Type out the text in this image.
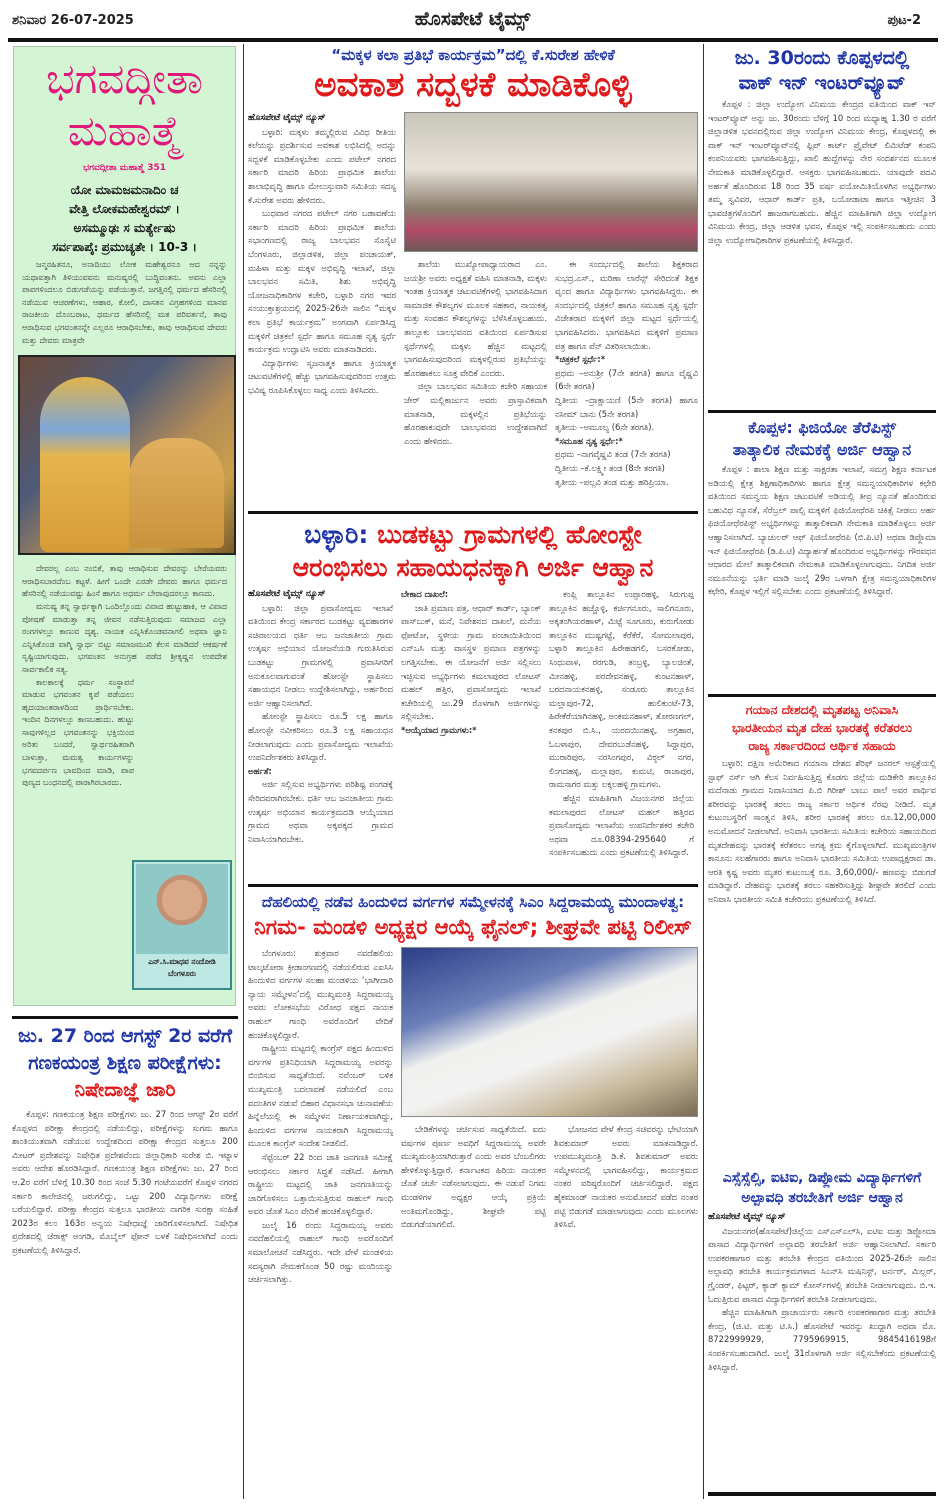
ಶನಿವಾರ 26-07-2025	ಹೊಸಪೇಟೆ ಟೈಮ್ಸ್	ಪುಟ-2
ಭಗವದ್ಗೀತಾ
ಮಹಾತ್ಮೆ
ಭಗವದ್ಗೀತಾ ಮಹಾತ್ಮೆ 351
ಯೋ ಮಾಮಜಮನಾದಿಂ ಚ
ವೇತ್ತಿ ಲೋಕಮಹೇಶ್ವರಮ್ ।
ಅಸಮ್ಮೂಢಃ ಸ ಮರ್ತ್ಯೇಷು
ಸರ್ವಪಾಪೈಃ ಪ್ರಮುಚ್ಯತೇ । 10-3 ।

ಜನ್ಮರಹಿತನೂ, ಅನಾದಿಯು ಲೋಕ ಮಹೇಶ್ವರನೂ ಆದ ನನ್ನನ್ನು ಯಥಾವತ್ತಾಗಿ ತಿಳಿಯುವವನು ಮನುಷ್ಯರಲ್ಲಿ ಬುದ್ಧಿವಂತನು. ಅವನು ಎಲ್ಲಾ ಪಾಪಗಳಿಂದಲೂ ಬಿಡುಗಡೆಯನ್ನು ಪಡೆಯುತ್ತಾನೆ. ಜಗತ್ತಿನಲ್ಲಿ ಧರ್ಮದ ಹೆಸರಿನಲ್ಲಿ ನಡೆಯುವ ಆಚರಣೆಗಳು, ಆಹಾರ, ಕೋಲಿ, ದಾಸತನ ವಿಗ್ರಹಗಳಿಂದ ಮಾನವ ರಾಜಕೀಯ ದೊಂಬರಾಟ, ಧರ್ಮದ ಹೆಸರಿನಲ್ಲಿ ಮತ ಪರಿವರ್ತನೆ, ತಾವು ಆರಾಧಿಸುವ ಭಗವಂತನನ್ನೇ ಎಲ್ಲರೂ ಆರಾಧಿಸಬೇಕು, ತಾವು ಆರಾಧಿಸುವ ದೇವರು ಮತ್ತು ದೇವರು ಮಾತ್ರವೇ

ದೇವರಲ್ಲ ಎಂಬ ನಂಬಿಕೆ, ತಾವು ಆರಾಧಿಸುವ ದೇವರನ್ನು ಬೇರೆಯವರು ಆರಾಧಿಸಬಾರದೆಂಬ ಕಟ್ಟಳೆ. ಹೀಗೆ ಒಂದೇ ಎರಡೇ ದೇವರು ಹಾಗೂ ಧರ್ಮದ ಹೆಸರಿನಲ್ಲಿ ನಡೆಯುವಷ್ಟು ಹಿಂಸೆ ಹಾಗೂ ಅಧರ್ಮ ಬೇರಾವುದರಲ್ಲೂ ಕಾಣದು.

ಮನುಷ್ಯ ತನ್ನ ಸ್ವಾರ್ಥಕ್ಕಾಗಿ ಒಂದಿಲ್ಲೊಂದು ವಿವಾದ ಹುಟ್ಟುಹಾಕಿ, ಆ ವಿವಾದ ಪೋಷಣೆ ಮಾಡುತ್ತಾ ತನ್ನ ಜೀವನ ನಡೆಸುತ್ತಿರುವುದು ಸಮಾಜದ ಎಲ್ಲಾ ರಂಗಗಳಲ್ಲೂ ಕಾಣುವ ದೃಶ್ಯ. ನಾಯಕ ಎನ್ನಿಸಿಕೊಂಡವನಾಗಲಿ ಅಥವಾ ಜ್ಞಾನಿ ಎನ್ನಿಸಿಕೊಂಡ ವಾಗ್ಮಿ ಸ್ವಾರ್ಥ ಬಿಟ್ಟು ಸಮಾಜಮುಖಿ ಕೆಲಸ ಮಾಡಿದರೆ ಆಕರ್ಷಣೆ ಸೃಷ್ಟಿಯಾಗುವುದು. ಭಗವಂತನ ಅನುಗ್ರಹ ಪಡೆದ ಶ್ರೀಕೃಷ್ಣನ ಉಪದೇಶ ಸಾರ್ವಕಾಲಿಕ ಸತ್ಯ.

ಕಾಲಕಾಲಕ್ಕೆ ಧರ್ಮ ಸಂಸ್ಥಾಪನೆ ಮಾಡುವ ಭಗವಂತನ ಕೃಪೆ ಪಡೆಯಲು ಹೃದಯಾಂತರಾಳದಿಂದ ಪ್ರಾರ್ಥಿಸಬೇಕು. ಇಂದಿನ ದಿನಗಳಲ್ಲೂ ಕಾಣಬಹುದು. ಹುಟ್ಟು ಸಾವುಗಳಿಲ್ಲದ ಭಗವಂತನನ್ನು ಭಕ್ತಿಯಿಂದ ಅರಿತು ಬಂದರೆ, ಸ್ವಾರ್ಥರಹಿತರಾಗಿ ಬಾಳುತ್ತಾ, ಮಮತ್ವ ಕಾರ್ಯಗಳನ್ನು ಭಗವದರ್ಪಣ ಭಾವದಿಂದ ಮಾಡಿ, ಪಾಪ ಪುಣ್ಯದ ಬಂಧನದಲ್ಲಿ ಪಾರಾಗಿರಬಾರದು.

ಎನ್.ಸಿ.ಮಾಧವ ನಂದೋಡಿ
ಬೆಂಗಳೂರು
ಜು. 27 ರಿಂದ ಆಗಸ್ಟ್ 2ರ ವರೆಗೆ ಗಣಕಯಂತ್ರ ಶಿಕ್ಷಣ ಪರೀಕ್ಷೆಗಳು: ನಿಷೇದಾಜ್ಞೆ ಜಾರಿ

ಕೊಪ್ಪಳ: ಗಣಕಯಂತ್ರ ಶಿಕ್ಷಣ ಪರೀಕ್ಷೆಗಳು ಜು. 27 ರಿಂದ ಆಗಸ್ಟ್ 2ರ ವರೆಗೆ ಕೊಪ್ಪಳದ ಪರೀಕ್ಷಾ ಕೇಂದ್ರದಲ್ಲಿ ನಡೆಯಲಿದ್ದು, ಪರೀಕ್ಷೆಗಳನ್ನು ಸುಗಮ ಹಾಗೂ ಶಾಂತಿಯುತವಾಗಿ ನಡೆಯುವ ಉದ್ದೇಶದಿಂದ ಪರೀಕ್ಷಾ ಕೇಂದ್ರದ ಸುತ್ತಲೂ 200 ಮೀಟರ್ ಪ್ರದೇಶವನ್ನು ನಿಷೇಧಿತ ಪ್ರದೇಶವೆಂದು ಜಿಲ್ಲಾಧಿಕಾರಿ ಸುರೇಶ ಬಿ. ಇಟ್ನಾಳ ಅವರು ಆದೇಶ ಹೊರಡಿಸಿದ್ದಾರೆ. ಗಣಕಯಂತ್ರ ಶಿಕ್ಷಣ ಪರೀಕ್ಷೆಗಳು ಜು. 27 ರಿಂದ ಆ.2ರ ವರೆಗೆ ಬೆಳಿಗ್ಗೆ 10.30 ರಿಂದ ಸಂಜೆ 5.30 ಗಂಟೆಯವರೆಗೆ ಕೊಪ್ಪಳ ನಗರದ ಸರ್ಕಾರಿ ಕಾಲೇಜಿನಲ್ಲಿ ಜರುಗಲಿದ್ದು, ಒಟ್ಟು 200 ವಿದ್ಯಾರ್ಥಿಗಳು ಪರೀಕ್ಷೆ ಬರೆಯಲಿದ್ದಾರೆ. ಪರೀಕ್ಷಾ ಕೇಂದ್ರದ ಸುತ್ತಲೂ ಭಾರತೀಯ ನಾಗರಿಕ ಸುರಕ್ಷಾ ಸಂಹಿತೆ 2023ರ ಕಲಂ 163ರ ಅನ್ವಯ ನಿಷೇಧಾಜ್ಞೆ ಜಾರಿಗೊಳಿಸಲಾಗಿದೆ. ನಿಷೇಧಿತ ಪ್ರದೇಶದಲ್ಲಿ ಜೆರಾಕ್ಸ್ ಅಂಗಡಿ, ಮೊಬೈಲ್ ಫೋನ್ ಬಳಕೆ ನಿಷೇಧಿಸಲಾಗಿದೆ ಎಂದು ಪ್ರಕಟಣೆಯಲ್ಲಿ ತಿಳಿಸಿದ್ದಾರೆ.

“ಮಕ್ಕಳ ಕಲಾ ಪ್ರತಿಭೆ ಕಾರ್ಯಕ್ರಮ”ದಲ್ಲಿ ಕೆ.ಸುರೇಶ ಹೇಳಿಕೆ
ಅವಕಾಶ ಸದ್ಬಳಕೆ ಮಾಡಿಕೊಳ್ಳಿ
ಹೊಸಪೇಟೆ ಟೈಮ್ಸ್ ನ್ಯೂಸ್

ಬಳ್ಳಾರಿ: ಮಕ್ಕಳು ತಮ್ಮಲ್ಲಿರುವ ವಿವಿಧ ರೀತಿಯ ಕಲೆಯನ್ನು ಪ್ರದರ್ಶಿಸುವ ಅವಕಾಶ ಲಭಿಸಿದಲ್ಲಿ ಅದನ್ನು ಸದ್ಬಳಕೆ ಮಾಡಿಕೊಳ್ಳಬೇಕು ಎಂದು ಪಟೇಲ್ ನಗರದ ಸರ್ಕಾರಿ ಮಾದರಿ ಹಿರಿಯ ಪ್ರಾಥಮಿಕ ಶಾಲೆಯ ಶಾಲಾಭಿವೃದ್ಧಿ ಹಾಗೂ ಮೇಲುಸ್ತುವಾರಿ ಸಮಿತಿಯ ಸದಸ್ಯ ಕೆ.ಸುರೇಶ ಅವರು ಹೇಳಿದರು.

ಬುಧವಾರ ನಗರದ ಪಟೇಲ್ ನಗರ ಬಡಾವಣೆಯ ಸರ್ಕಾರಿ ಮಾದರಿ ಹಿರಿಯ ಪ್ರಾಥಮಿಕ ಶಾಲೆಯ ಸಭಾಂಗಣದಲ್ಲಿ ರಾಜ್ಯ ಬಾಲಭವನ ಸೊಸೈಟಿ ಬೆಂಗಳೂರು, ಜಿಲ್ಲಾಡಳಿತ, ಜಿಲ್ಲಾ ಪಂಚಾಯತ್, ಮಹಿಳಾ ಮತ್ತು ಮಕ್ಕಳ ಅಭಿವೃದ್ಧಿ ಇಲಾಖೆ, ಜಿಲ್ಲಾ ಬಾಲಭವನ ಸಮಿತಿ, ಶಿಶು ಅಭಿವೃದ್ಧಿ ಯೋಜನಾಧಿಕಾರಿಗಳ ಕಚೇರಿ, ಬಳ್ಳಾರಿ ನಗರ ಇವರ ಸಂಯುಕ್ತಾಶ್ರಯದಲ್ಲಿ 2025-26ನೇ ಸಾಲಿನ “ಮಕ್ಕಳ ಕಲಾ ಪ್ರತಿಭೆ ಕಾರ್ಯಕ್ರಮ” ಅಂಗವಾಗಿ ಏರ್ಪಡಿಸಿದ್ದ ಮಕ್ಕಳಿಗೆ ಚಿತ್ರಕಲೆ ಸ್ಪರ್ಧೆ ಹಾಗೂ ಸಮೂಹ ನೃತ್ಯ ಸ್ಪರ್ಧೆ ಕಾರ್ಯಕ್ರಮ ಉದ್ಘಾಟಿಸಿ ಅವರು ಮಾತನಾಡಿದರು.

ವಿದ್ಯಾರ್ಥಿಗಳು ಸೃಜನಾತ್ಮಕ ಹಾಗೂ ಕ್ರಿಯಾತ್ಮಕ ಚಟುವಟಿಕೆಗಳಲ್ಲಿ ಹೆಚ್ಚು ಭಾಗವಹಿಸುವುದರಿಂದ ಉತ್ತಮ ಭವಿಷ್ಯ ರೂಪಿಸಿಕೊಳ್ಳಲು ಸಾಧ್ಯ ಎಂದು ತಿಳಿಸಿದರು.

ಶಾಲೆಯ ಮುಖ್ಯೋಪಾಧ್ಯಾಯರಾದ ಎಂ. ಜಯಶ್ರೀ ಅವರು ಅಧ್ಯಕ್ಷತೆ ವಹಿಸಿ ಮಾತನಾಡಿ, ಮಕ್ಕಳು ಇಂತಹ ಕ್ರಿಯಾತ್ಮಕ ಚಟುವಟಿಕೆಗಳಲ್ಲಿ ಭಾಗವಹಿಸಿದಾಗ ಸಾಮಾಜಿಕ ಕೌಶಲ್ಯಗಳ ಮೂಲಕ ಸಹಕಾರ, ನಾಯಕತ್ವ ಮತ್ತು ಸಂವಹನ ಕೌಶಲ್ಯಗಳನ್ನು ಬೆಳೆಸಿಕೊಳ್ಳಬಹುದು. ತಾಲ್ಲೂಕು ಬಾಲಭವನದ ವತಿಯಿಂದ ಏರ್ಪಡಿಸುವ ಸ್ಪರ್ಧೆಗಳಲ್ಲಿ ಮಕ್ಕಳು ಹೆಚ್ಚಿನ ಮಟ್ಟದಲ್ಲಿ ಭಾಗವಹಿಸುವುದರಿಂದ ಮಕ್ಕಳಲ್ಲಿರುವ ಪ್ರತಿಭೆಯನ್ನು ಹೊರಹಾಕಲು ಸೂಕ್ತ ವೇದಿಕೆ ಎಂದರು.

ಜಿಲ್ಲಾ ಬಾಲಭವನ ಸಮಿತಿಯ ಕಚೇರಿ ಸಹಾಯಕ ಜೇರ್ ಮಲ್ಲಿಕಾರ್ಜುನ ಅವರು ಪ್ರಾಸ್ತಾವಿಕವಾಗಿ ಮಾತನಾಡಿ, ಮಕ್ಕಳಲ್ಲಿನ ಪ್ರತಿಭೆಯನ್ನು ಹೊರಹಾಕುವುದೇ ಬಾಲಭವನದ ಉದ್ದೇಶವಾಗಿದೆ ಎಂದು ಹೇಳಿದರು.

ಈ ಸಂದರ್ಭದಲ್ಲಿ ಶಾಲೆಯ ಶಿಕ್ಷಕರಾದ ಸುಭದ್ರ.ಎಸ್., ಮರಿಣಾ ಲಾರೆನ್ಸ್ ಸೇರಿದಂತೆ ಶಿಕ್ಷಕ ವೃಂದ ಹಾಗೂ ವಿದ್ಯಾರ್ಥಿಗಳು ಭಾಗವಹಿಸಿದ್ದರು. ಈ ಸಂದರ್ಭದಲ್ಲಿ ಚಿತ್ರಕಲೆ ಹಾಗೂ ಸಮೂಹ ನೃತ್ಯ ಸ್ಪರ್ಧೆ ವಿಜೇತರಾದ ಮಕ್ಕಳಿಗೆ ಜಿಲ್ಲಾ ಮಟ್ಟದ ಸ್ಪರ್ಧೆಯಲ್ಲಿ ಭಾಗವಹಿಸಿದರು. ಭಾಗವಹಿಸಿದ ಮಕ್ಕಳಿಗೆ ಪ್ರಮಾಣ ಪತ್ರ ಹಾಗೂ ಪೆನ್ ವಿತರಿಸಲಾಯಿತು.

*ಚಿತ್ರಕಲೆ ಸ್ಪರ್ಧೆ:*
ಪ್ರಥಮ –ಅನುಶ್ರೀ (7ನೇ ತರಗತಿ) ಹಾಗೂ ವೈಷ್ಣವಿ (6ನೇ ತರಗತಿ)
ದ್ವಿತೀಯ –ದ್ರಾಕ್ಷಾಯಣಿ (5ನೇ ತರಗತಿ) ಹಾಗೂ ನಸೀಮ್ ಬಾನು (5ನೇ ತರಗತಿ)
ತೃತೀಯ –ಅಮೂಲ್ಯ (6ನೇ ತರಗತಿ).
*ಸಮೂಹ ನೃತ್ಯ ಸ್ಪರ್ಧೆ:*
ಪ್ರಥಮ –ನಾಗವೈಷ್ಣವಿ ತಂಡ (7ನೇ ತರಗತಿ)
ದ್ವಿತೀಯ –ಕೆ.ಲಕ್ಷ್ಮೀ ತಂಡ (8ನೇ ತರಗತಿ)
ತೃತೀಯ –ಪಲ್ಲವಿ ತಂಡ ಮತ್ತು ಹರಿಪ್ರಿಯಾ.
ಬಳ್ಳಾರಿ: ಬುಡಕಟ್ಟು ಗ್ರಾಮಗಳಲ್ಲಿ ಹೋಂಸ್ಟೇ
ಆರಂಭಿಸಲು ಸಹಾಯಧನಕ್ಕಾಗಿ ಅರ್ಜಿ ಆಹ್ವಾನ
ಹೊಸಪೇಟೆ ಟೈಮ್ಸ್ ನ್ಯೂಸ್

ಬಳ್ಳಾರಿ: ಜಿಲ್ಲಾ ಪ್ರವಾಸೋದ್ಯಮ ಇಲಾಖೆ ವತಿಯಿಂದ ಕೇಂದ್ರ ಸರ್ಕಾರದ ಬುಡಕಟ್ಟು ವ್ಯವಹಾರಗಳ ಸಚಿವಾಲಯದ ಧರ್ತಿ ಆಬ ಜನಜಾತೀಯ ಗ್ರಾಮ ಉತ್ಕರ್ಷ ಅಭಿಯಾನ ಯೋಜನೆಯಡಿ ಗುರುತಿಸಿರುವ ಬುಡಕಟ್ಟು ಗ್ರಾಮಗಳಲ್ಲಿ ಪ್ರವಾಸಿಗರಿಗೆ ಅನುಕೂಲವಾಗುವಂತೆ ಹೋಂಸ್ಟೇ ಸ್ಥಾಪಿಸಲು ಸಹಾಯಧನ ನೀಡಲು ಉದ್ದೇಶಿಸಲಾಗಿದ್ದು, ಅರ್ಹರಿಂದ ಅರ್ಜಿ ಆಹ್ವಾನಿಸಲಾಗಿದೆ.

ಹೋಂಸ್ಟೇ ಸ್ಥಾಪಿಸಲು ರೂ.5 ಲಕ್ಷ ಹಾಗೂ ಹೋಂಸ್ಟೇ ನವೀಕರಿಸಲು ರೂ.3 ಲಕ್ಷ ಸಹಾಯಧನ ನೀಡಲಾಗುವುದು ಎಂದು ಪ್ರವಾಸೋದ್ಯಮ ಇಲಾಖೆಯ ಉಪನಿರ್ದೇಶಕರು ತಿಳಿಸಿದ್ದಾರೆ.

ಅರ್ಹತೆ:

ಅರ್ಜಿ ಸಲ್ಲಿಸುವ ಅಭ್ಯರ್ಥಿಗಳು ಪರಿಶಿಷ್ಟ ಪಂಗಡಕ್ಕೆ ಸೇರಿದವರಾಗಿರಬೇಕು. ಧರ್ತಿ ಆಬ ಜನಜಾತೀಯ ಗ್ರಾಮ ಉತ್ಕರ್ಷ ಅಭಿಯಾನ ಕಾರ್ಯಕ್ರಮದಡಿ ಆಯ್ಕೆಯಾದ ಗ್ರಾಮದ ಅಥವಾ ಅಕ್ಕಪಕ್ಕದ ಗ್ರಾಮದ ನಿವಾಸಿಯಾಗಿರಬೇಕು.

ಬೇಕಾದ ದಾಖಲೆ:

ಜಾತಿ ಪ್ರಮಾಣ ಪತ್ರ, ಆಧಾರ್ ಕಾರ್ಡ್, ಬ್ಯಾಂಕ್ ಪಾಸ್‌ಬುಕ್, ಮನೆ, ನಿವೇಶನದ ದಾಖಲೆ, ಮನೆಯ ಫೋಟೋ, ಸ್ಥಳೀಯ ಗ್ರಾಮ ಪಂಚಾಯಿತಿಯಿಂದ ಎನ್‌ಒಸಿ ಮತ್ತು ವಾಸಸ್ಥಳ ಪ್ರಮಾಣ ಪತ್ರಗಳನ್ನು ಲಗತ್ತಿಸಬೇಕು. ಈ ಯೋಜನೆಗೆ ಅರ್ಜಿ ಸಲ್ಲಿಸಲು ಇಚ್ಛಿಸುವ ಅಭ್ಯರ್ಥಿಗಳು ಕಮಲಾಪುರದ ಲೋಟಸ್ ಮಹಲ್ ಹತ್ತಿರ, ಪ್ರವಾಸೋದ್ಯಮ ಇಲಾಖೆ ಕಚೇರಿಯಲ್ಲಿ ಜು.29 ರೊಳಗಾಗಿ ಅರ್ಜಿಗಳನ್ನು ಸಲ್ಲಿಸಬೇಕು.

*ಆಯ್ಕೆಯಾದ ಗ್ರಾಮಗಳು:*

ಕಂಪ್ಲಿ ತಾಲ್ಲೂಕಿನ ಉಪ್ಪಾರಹಳ್ಳಿ, ಸಿರುಗುಪ್ಪ ತಾಲ್ಲೂಕಿನ ಹಚ್ಚೊಳ್ಳಿ, ಕರ್ಚಿಗನೂರು, ಸಾಲಿಗನೂರು, ಅಕ್ಕತಂಗಿಯರಹಾಳ್, ಮಿಟ್ಟೆ ಸೂಗೂರು, ಕುರುಗೋಡು ತಾಲ್ಲೂಕಿನ ಮುಷ್ಟಗಟ್ಟೆ, ಕೆರೆಕೆರೆ, ಸೋಮಲಾಪುರ, ಬಳ್ಳಾರಿ ತಾಲ್ಲೂಕಿನ ಹಿರೇಹಡಗಲಿ, ಬಸರಕೋಡು, ಸಿಂಧುವಾಳ, ರರಗುಡಿ, ತಂಬ್ರಳ್ಳಿ, ಬ್ಯಾಲಚಿಂತೆ, ಮೀನಹಳ್ಳಿ, ಪರದೇವನಹಳ್ಳಿ, ಕುಂಟನಹಾಳ್, ಬರದನಾಯಕನಹಳ್ಳಿ, ಸಂಡೂರು ತಾಲ್ಲೂಕಿನ ಮಲ್ಲಾಪುರ-72, ಹುಲಿಕುಂಟೆ-73, ಹಿರೇಕೆರೆಯಾಗಿನಹಳ್ಳಿ, ಅಂಕಮನಹಾಳ್, ತೋರಣಗಲ್, ಕನಕಪುರ ಬಿ.ಸಿ., ಯರದಯಿನಹಳ್ಳಿ, ಅಗ್ರಹಾರ, ಓಬಳಾಪುರ, ದೇವರಬುಡೆನಹಳ್ಳಿ, ಸಿದ್ದಾಪುರ, ಮುರಾರಿಪುರ, ನರಸಿಂಗಪುರ, ವಿಠ್ಠಲ್ ನಗರ, ಲಿಂಗದಹಳ್ಳಿ, ಮಲ್ಲಾಪುರ, ಕುಮಟಿ, ರಾಜಾಪುರ, ರಾಮಸಾಗರ ಮತ್ತು ಲಕ್ಕಲಹಳ್ಳಿ ಗ್ರಾಮಗಳು.

ಹೆಚ್ಚಿನ ಮಾಹಿತಿಗಾಗಿ ವಿಜಯನಗರ ಜಿಲ್ಲೆಯ ಕಮಲಾಪುರದ ಲೋಟಸ್ ಮಹಲ್ ಹತ್ತಿರದ ಪ್ರವಾಸೋದ್ಯಮ ಇಲಾಖೆಯ ಉಪನಿರ್ದೇಶಕರ ಕಚೇರಿ ಅಥವಾ ದೂ.08394-295640 ಗೆ ಸಂಪರ್ಕಿಸಬಹುದು ಎಂದು ಪ್ರಕಟಣೆಯಲ್ಲಿ ತಿಳಿಸಿದ್ದಾರೆ.

ದೆಹಲಿಯಲ್ಲಿ ನಡೆವ ಹಿಂದುಳಿದ ವರ್ಗಗಳ ಸಮ್ಮೇಳನಕ್ಕೆ ಸಿಎಂ ಸಿದ್ದರಾಮಯ್ಯ ಮುಂದಾಳತ್ವ:
ನಿಗಮ- ಮಂಡಳಿ ಅಧ್ಯಕ್ಷರ ಆಯ್ಕೆ ಫೈನಲ್; ಶೀಘ್ರವೇ ಪಟ್ಟಿ ರಿಲೀಸ್

ಬೆಂಗಳೂರು: ಶುಕ್ರವಾರ ನವದೆಹಲಿಯ ಟಾಲ್ಕಟೋರಾ ಕ್ರೀಡಾಂಗಣದಲ್ಲಿ ನಡೆಯಲಿರುವ ಎಐಸಿಸಿ ಹಿಂದುಳಿದ ವರ್ಗಗಳ ಸಲಹಾ ಮಂಡಳಿಯ ‘ಭಾಗೀದಾರಿ ನ್ಯಾಯ ಸಮ್ಮೇಳನ’ದಲ್ಲಿ ಮುಖ್ಯಮಂತ್ರಿ ಸಿದ್ದರಾಮಯ್ಯ ಅವರು ಲೋಕಸಭೆಯ ವಿರೋಧ ಪಕ್ಷದ ನಾಯಕ ರಾಹುಲ್ ಗಾಂಧಿ ಅವರೊಂದಿಗೆ ವೇದಿಕೆ ಹಂಚಿಕೊಳ್ಳಲಿದ್ದಾರೆ.

ರಾಷ್ಟ್ರೀಯ ಮಟ್ಟದಲ್ಲಿ ಕಾಂಗ್ರೆಸ್ ಪಕ್ಷದ ಹಿಂದುಳಿದ ವರ್ಗಗಳ ಪ್ರತಿನಿಧಿಯಾಗಿ ಸಿದ್ದರಾಮಯ್ಯ ಅವರನ್ನು ಬಿಂಬಿಸುವ ಸಾಧ್ಯತೆಯಿದೆ. ನವೆಂಬರ್ ಬಳಿಕ ಮುಖ್ಯಮಂತ್ರಿ ಬದಲಾವಣೆ ನಡೆಯಲಿದೆ ಎಂಬ ವದಂತಿಗಳ ನಡುವೆ ಬಿಹಾರ ವಿಧಾನಸಭಾ ಚುನಾವಣೆಯ ಹಿನ್ನೆಲೆಯಲ್ಲಿ ಈ ಸಮ್ಮೇಳನ ನಿರ್ಣಾಯಕವಾಗಿದ್ದು, ಹಿಂದುಳಿದ ವರ್ಗಗಳ ನಾಯಕರಾಗಿ ಸಿದ್ದರಾಮಯ್ಯ ಮೂಲಕ ಕಾಂಗ್ರೆಸ್ ಸಂದೇಶ ನೀಡಲಿದೆ.

ಸೆಪ್ಟೆಂಬರ್ 22 ರಿಂದ ಜಾತಿ ಜನಗಣತಿ ಸಮೀಕ್ಷೆ ಆರಂಭಿಸಲು ಸರ್ಕಾರ ಸಿದ್ಧತೆ ನಡೆಸಿದೆ. ಹೀಗಾಗಿ ರಾಷ್ಟ್ರೀಯ ಮಟ್ಟದಲ್ಲಿ ಜಾತಿ ಜನಗಣತಿಯನ್ನು ಜಾರಿಗೊಳಿಸಲು ಒತ್ತಾಯಿಸುತ್ತಿರುವ ರಾಹುಲ್ ಗಾಂಧಿ ಅವರ ಜೊತೆ ಸಿಎಂ ವೇದಿಕೆ ಹಂಚಿಕೊಳ್ಳಲಿದ್ದಾರೆ.

ಜುಲೈ 16 ರಂದು ಸಿದ್ದರಾಮಯ್ಯ ಅವರು ನವದೆಹಲಿಯಲ್ಲಿ ರಾಹುಲ್ ಗಾಂಧಿ ಅವರೊಂದಿಗೆ ಸಮಾಲೋಚನೆ ನಡೆಸಿದ್ದರು. ಇದೇ ವೇಳೆ ಮಂಡಳಿಯ ಸದಸ್ಯರಾಗಿ ನೇಮಕಗೊಂಡ 50 ರಷ್ಟು ಮಂದಿಯನ್ನು ಚರ್ಚಿಸಲಾಗಿತ್ತು.

ಬೇಡಿಕೆಗಳನ್ನು ಚರ್ಚಿಸುವ ಸಾಧ್ಯತೆಯಿದೆ. ಐದು ವರ್ಷಗಳ ಪೂರ್ಣ ಅವಧಿಗೆ ಸಿದ್ದರಾಮಯ್ಯ ಅವರೇ ಮುಖ್ಯಮಂತ್ರಿಯಾಗಿರುತ್ತಾರೆ ಎಂದು ಅವರ ಬೆಂಬಲಿಗರು ಹೇಳಿಕೊಳ್ಳುತ್ತಿದ್ದಾರೆ. ಕರ್ನಾಟಕದ ಹಿರಿಯ ನಾಯಕರ ಜೊತೆ ಚರ್ಚೆ ನಡೆಸಲಾಗುವುದು. ಈ ನಡುವೆ ನಿಗಮ ಮಂಡಳಿಗಳ ಅಧ್ಯಕ್ಷರ ಆಯ್ಕೆ ಪ್ರಕ್ರಿಯೆ ಅಂತಿಮಗೊಂಡಿದ್ದು, ಶೀಘ್ರವೇ ಪಟ್ಟಿ ಬಿಡುಗಡೆಯಾಗಲಿದೆ.

ಭೋಜನದ ವೇಳೆ ಕೇಂದ್ರ ಸಚಿವರನ್ನು ಭೇಟಿಯಾಗಿ ಶಿವಕುಮಾರ್ ಅವರು ಮಾತನಾಡಿದ್ದಾರೆ. ಉಪಮುಖ್ಯಮಂತ್ರಿ ಡಿ.ಕೆ. ಶಿವಕುಮಾರ್ ಅವರು ಸಮ್ಮೇಳನದಲ್ಲಿ ಭಾಗವಹಿಸಲಿದ್ದು, ಕಾರ್ಯಕ್ರಮದ ನಂತರ ವರಿಷ್ಠರೊಂದಿಗೆ ಚರ್ಚಿಸಲಿದ್ದಾರೆ. ಪಕ್ಷದ ಹೈಕಮಾಂಡ್ ನಾಯಕರ ಅನುಮೋದನೆ ಪಡೆದ ನಂತರ ಪಟ್ಟಿ ಬಿಡುಗಡೆ ಮಾಡಲಾಗುವುದು ಎಂದು ಮೂಲಗಳು ತಿಳಿಸಿವೆ.

ಜು. 30ರಂದು ಕೊಪ್ಪಳದಲ್ಲಿ
ವಾಕ್ ಇನ್ ಇಂಟರ್‌ವ್ಯೂವ್

ಕೊಪ್ಪಳ : ಜಿಲ್ಲಾ ಉದ್ಯೋಗ ವಿನಿಮಯ ಕೇಂದ್ರದ ವತಿಯಿಂದ ವಾಕ್ ಇನ್ ಇಂಟರ್‌ವ್ಯೂವ್ ಅನ್ನು ಜು. 30ರಂದು ಬೆಳಿಗ್ಗೆ 10 ರಿಂದ ಮಧ್ಯಾಹ್ನ 1.30 ರ ವರೆಗೆ ಜಿಲ್ಲಾಡಳಿತ ಭವನದಲ್ಲಿರುವ ಜಿಲ್ಲಾ ಉದ್ಯೋಗ ವಿನಿಮಯ ಕೇಂದ್ರ, ಕೊಪ್ಪಳದಲ್ಲಿ ಈ ವಾಕ್ ಇನ್ ಇಂಟರ್‌ವ್ಯೂವ್‌ನಲ್ಲಿ ಫ್ಲಿಪ್ ಕಾರ್ಟ್ ಪ್ರೈವೇಟ್ ಲಿಮಿಟೆಡ್ ಕಂಪನಿ ಕಂಪನಿಯವರು ಭಾಗವಹಿಸುತ್ತಿದ್ದು, ಖಾಲಿ ಹುದ್ದೆಗಳನ್ನು ನೇರ ಸಂದರ್ಶನದ ಮೂಲಕ ನೇಮಕಾತಿ ಮಾಡಿಕೊಳ್ಳಲಿದ್ದಾರೆ. ಆಸಕ್ತರು ಭಾಗವಹಿಸಬಹುದು. ಯಾವುದೇ ಪದವಿ ಅರ್ಹತೆ ಹೊಂದಿರುವ 18 ರಿಂದ 35 ವರ್ಷ ವಯೋಮಿತಿಯೊಳಗಿನ ಅಭ್ಯರ್ಥಿಗಳು ತಮ್ಮ ಸ್ವವಿವರ, ಆಧಾರ್ ಕಾರ್ಡ್ ಪ್ರತಿ, ಬಯೋಡಾಟಾ ಹಾಗೂ ಇತ್ತೀಚಿನ 3 ಭಾವಚಿತ್ರಗಳೊಂದಿಗೆ ಹಾಜರಾಗಬಹುದು. ಹೆಚ್ಚಿನ ಮಾಹಿತಿಗಾಗಿ ಜಿಲ್ಲಾ ಉದ್ಯೋಗ ವಿನಿಮಯ ಕೇಂದ್ರ, ಜಿಲ್ಲಾ ಆಡಳಿತ ಭವನ, ಕೊಪ್ಪಳ ಇಲ್ಲಿ ಸಂಪರ್ಕಿಸಬಹುದು ಎಂದು ಜಿಲ್ಲಾ ಉದ್ಯೋಗಾಧಿಕಾರಿಗಳ ಪ್ರಕಟಣೆಯಲ್ಲಿ ತಿಳಿಸಿದ್ದಾರೆ.

ಕೊಪ್ಪಳ: ಫಿಜಿಯೋ ತೆರೆಪಿಸ್ಟ್
ತಾತ್ಕಾಲಿಕ ನೇಮಕಕ್ಕೆ ಅರ್ಜಿ ಆಹ್ವಾನ

ಕೊಪ್ಪಳ : ಶಾಲಾ ಶಿಕ್ಷಣ ಮತ್ತು ಸಾಕ್ಷರತಾ ಇಲಾಖೆ, ಸಮಗ್ರ ಶಿಕ್ಷಣ ಕರ್ನಾಟಕ ಅಡಿಯಲ್ಲಿ ಕ್ಷೇತ್ರ ಶಿಕ್ಷಣಾಧಿಕಾರಿಗಳು ಹಾಗೂ ಕ್ಷೇತ್ರ ಸಮನ್ವಯಾಧಿಕಾರಿಗಳ ಕಛೇರಿ ವತಿಯಿಂದ ಸಮನ್ವಯ ಶಿಕ್ಷಣ ಚಟುವಟಿಕೆ ಅಡಿಯಲ್ಲಿ ತೀವ್ರ ನ್ಯೂನತೆ ಹೊಂದಿರುವ ಬಹುವಿಧ ನ್ಯೂನತೆ, ಸೆರೆಬ್ರಲ್ ಪಾಲ್ಸಿ ಮಕ್ಕಳಿಗೆ ಫಿಜಿಯೋಥೆರಪಿ ಚಿಕಿತ್ಸೆ ನೀಡಲು ಅರ್ಹ ಫಿಜಿಯೋಥೆರಪಿಸ್ಟ್ ಅಭ್ಯರ್ಥಿಗಳನ್ನು ತಾತ್ಕಾಲಿಕವಾಗಿ ನೇಮಕಾತಿ ಮಾಡಿಕೊಳ್ಳಲು ಅರ್ಜಿ ಆಹ್ವಾನಿಸಲಾಗಿದೆ. ಬ್ಯಾಚುಲರ್ ಆಫ್ ಫಿಜಿಯೋಥೆರಪಿ (ಬಿ.ಪಿ.ಟಿ) ಅಥವಾ ಡಿಪ್ಲೊಮಾ ಇನ್ ಫಿಜಿಯೋಥೆರಪಿ (ಡಿ.ಪಿ.ಟಿ) ವಿದ್ಯಾರ್ಹತೆ ಹೊಂದಿರುವ ಅಭ್ಯರ್ಥಿಗಳನ್ನು ಗೌರವಧನ ಆಧಾರದ ಮೇಲೆ ತಾತ್ಕಾಲಿಕವಾಗಿ ನೇಮಕಾತಿ ಮಾಡಿಕೊಳ್ಳಲಾಗುವುದು. ನಿಗದಿತ ಅರ್ಜಿ ನಮೂನೆಯನ್ನು ಭರ್ತಿ ಮಾಡಿ ಜುಲೈ 29ರ ಒಳಗಾಗಿ ಕ್ಷೇತ್ರ ಸಮನ್ವಯಾಧಿಕಾರಿಗಳ ಕಛೇರಿ, ಕೊಪ್ಪಳ ಇಲ್ಲಿಗೆ ಸಲ್ಲಿಸಬೇಕು ಎಂದು ಪ್ರಕಟಣೆಯಲ್ಲಿ ತಿಳಿಸಿದ್ದಾರೆ.

ಗಯಾನ ದೇಶದಲ್ಲಿ ಮೃತಪಟ್ಟ ಅನಿವಾಸಿ
ಭಾರತೀಯನ ಮೃತ ದೇಹ ಭಾರತಕ್ಕೆ ಕರೆತರಲು
ರಾಜ್ಯ ಸರ್ಕಾರದಿಂದ ಆರ್ಥಿಕ ಸಹಾಯ

ಬಳ್ಳಾರಿ: ದಕ್ಷಿಣ ಅಮೆರಿಕಾದ ಗಯಾನಾ ದೇಶದ ಶೆರಿಫ್ ಜನರಲ್ ಆಸ್ಪತ್ರೆಯಲ್ಲಿ ಸ್ಟಾಫ್ ನರ್ಸ್ ಆಗಿ ಕೆಲಸ ನಿರ್ವಹಿಸುತ್ತಿದ್ದ ಕೊಡಗು ಜಿಲ್ಲೆಯ ಮಡಿಕೇರಿ ತಾಲ್ಲೂಕಿನ ಮದೆನಾಡು ಗ್ರಾಮದ ನಿವಾಸಿಯಾದ ಪಿ.ಬಿ ಗಿರೀಶ್ ಬಾಬು ಪಾಲೆ ಅವರ ಪಾರ್ಥಿವ ಶರೀರವನ್ನು ಭಾರತಕ್ಕೆ ತರಲು ರಾಜ್ಯ ಸರ್ಕಾರ ಆರ್ಥಿಕ ನೆರವು ನೀಡಿದೆ. ಮೃತ ಕುಟುಂಬಸ್ಥರಿಗೆ ಸಾಂತ್ವನ ತಿಳಿಸಿ, ಶರೀರ ಭಾರತಕ್ಕೆ ತರಲು ರೂ.12,00,000 ಅನುಮೋದನೆ ನೀಡಲಾಗಿದೆ. ಅನಿವಾಸಿ ಭಾರತೀಯ ಸಮಿತಿಯ ಕಚೇರಿಯ ಸಹಾಯದಿಂದ ಮೃತದೇಹವನ್ನು ಭಾರತಕ್ಕೆ ಕರೆತರಲು ಅಗತ್ಯ ಕ್ರಮ ಕೈಗೊಳ್ಳಲಾಗಿದೆ. ಮುಖ್ಯಮಂತ್ರಿಗಳ ಕಾನೂನು ಸಲಹೆಗಾರರು ಹಾಗೂ ಅನಿವಾಸಿ ಭಾರತೀಯ ಸಮಿತಿಯ ಉಪಾಧ್ಯಕ್ಷರಾದ ಡಾ. ಆರತಿ ಕೃಷ್ಣ ಅವರು ಮೃತರ ಕುಟುಂಬಕ್ಕೆ ರೂ. 3,60,000/- ಹಣವನ್ನು ಬಿಡುಗಡೆ ಮಾಡಿದ್ದಾರೆ. ದೇಹವನ್ನು ಭಾರತಕ್ಕೆ ತರಲು ಸಹಕರಿಸುತ್ತಿದ್ದು ಶೀಘ್ರವೇ ತರಲಿದೆ ಎಂದು ಅನಿವಾಸಿ ಭಾರತೀಯ ಸಮಿತಿ ಕಚೇರಿಯು ಪ್ರಕಟಣೆಯಲ್ಲಿ ತಿಳಿಸಿದೆ.

ಎಸ್ಸೆಸ್ಸೆಲ್ಸಿ, ಐಟಿಐ, ಡಿಪ್ಲೋಮ ವಿದ್ಯಾರ್ಥಿಗಳಿಗೆ
ಅಲ್ಪಾವಧಿ ತರಬೇತಿಗೆ ಅರ್ಜಿ ಆಹ್ವಾನ
ಹೊಸಪೇಟೆ ಟೈಮ್ಸ್ ನ್ಯೂಸ್

ವಿಜಯನಗರ(ಹೊಸಪೇಟೆ)ಜಿಲ್ಲೆಯ ಎಸ್‌ಎಸ್‌ಎಲ್‌ಸಿ, ಐಟಿಐ ಮತ್ತು ಡಿಪ್ಲೋಮಾ ಪಾಸಾದ ವಿದ್ಯಾರ್ಥಿಗಳಿಗೆ ಅಲ್ಪಾವಧಿ ತರಬೇತಿಗೆ ಅರ್ಜಿ ಆಹ್ವಾನಿಸಲಾಗಿದೆ. ಸರ್ಕಾರಿ ಉಪಕರಣಾಗಾರ ಮತ್ತು ತರಬೇತಿ ಕೇಂದ್ರದ ವತಿಯಿಂದ 2025-26ನೇ ಸಾಲಿನ ಅಲ್ಪಾವಧಿ ತರಬೇತಿ ಕಾರ್ಯಕ್ರಮಗಳಾದ ಸಿಎನ್‌ಸಿ ಮಷಿನಿಸ್ಟ್, ಟರ್ನರ್, ಮಿಲ್ಲರ್, ಗ್ರೈಂಡರ್, ಫಿಟ್ಟರ್, ಕ್ಯಾಡ್ ಕ್ಯಾಮ್ ಕೋರ್ಸ್‌ಗಳಲ್ಲಿ ತರಬೇತಿ ನೀಡಲಾಗುವುದು. ಬಿ.ಇ. ಓದುತ್ತಿರುವ ಪಾಸಾದ ವಿದ್ಯಾರ್ಥಿಗಳಿಗೆ ತರಬೇತಿ ನೀಡಲಾಗುವುದು.

ಹೆಚ್ಚಿನ ಮಾಹಿತಿಗಾಗಿ ಪ್ರಾಚಾರ್ಯರು ಸರ್ಕಾರಿ ಉಪಕರಣಾಗಾರ ಮತ್ತು ತರಬೇತಿ ಕೇಂದ್ರ, (ಜಿ.ಟಿ. ಮತ್ತು ಟಿ.ಸಿ.) ಹೊಸಪೇಟೆ ಇವರನ್ನು ಖುದ್ದಾಗಿ ಅಥವಾ ಮೊ. 8722999929, 7795969915, 9845416198ಗೆ ಸಂಪರ್ಕಿಸಬಹುದಾಗಿದೆ. ಜುಲೈ 31ರೊಳಗಾಗಿ ಅರ್ಜಿ ಸಲ್ಲಿಸಬೇಕೆಂದು ಪ್ರಕಟಣೆಯಲ್ಲಿ ತಿಳಿಸಿದ್ದಾರೆ.
